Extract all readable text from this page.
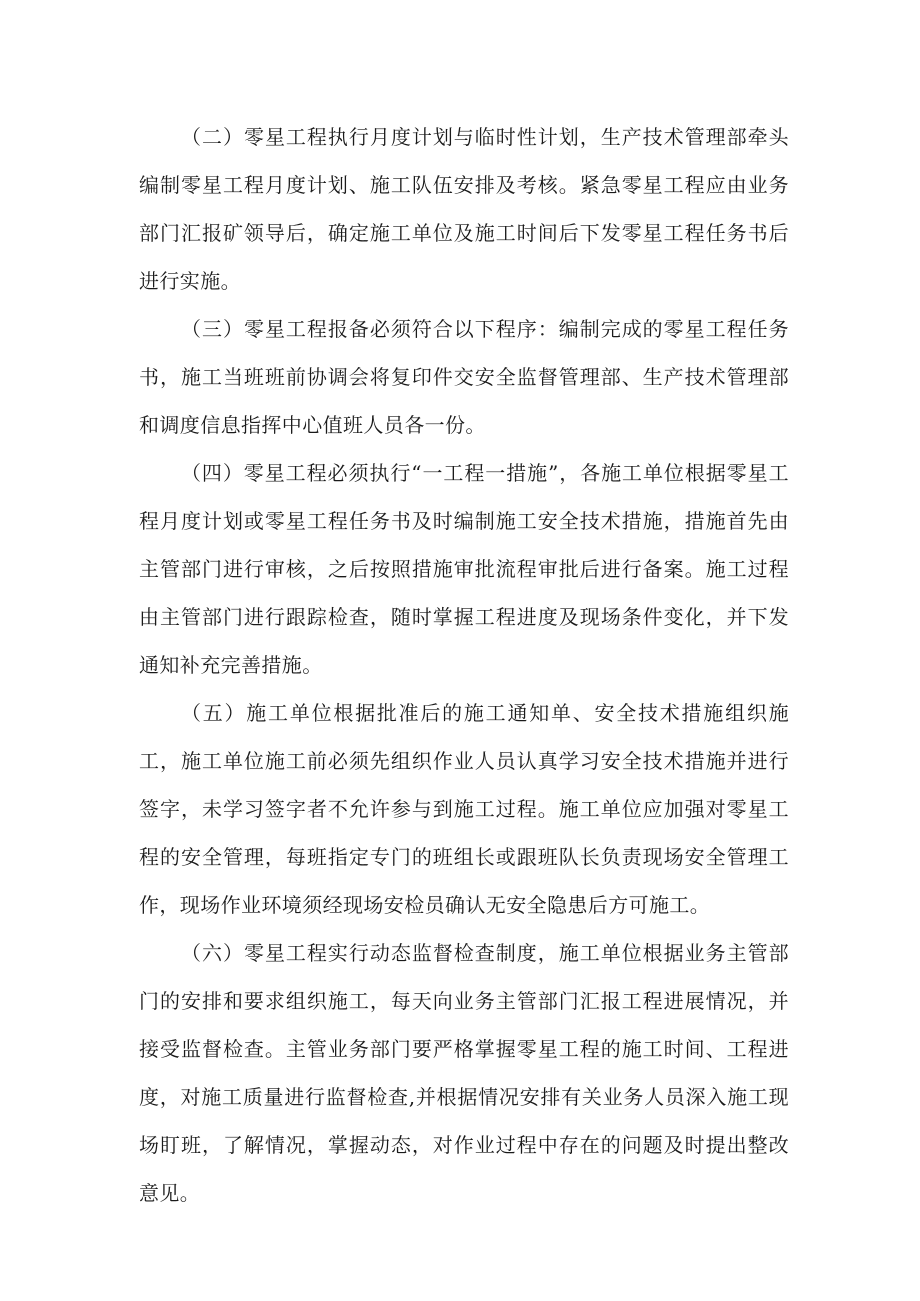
（二）零星工程执行月度计划与临时性计划，生产技术管理部牵头编制零星工程月度计划、施工队伍安排及考核。紧急零星工程应由业务部门汇报矿领导后，确定施工单位及施工时间后下发零星工程任务书后进行实施。

（三）零星工程报备必须符合以下程序：编制完成的零星工程任务书，施工当班班前协调会将复印件交安全监督管理部、生产技术管理部和调度信息指挥中心值班人员各一份。

（四）零星工程必须执行“一工程一措施”，各施工单位根据零星工程月度计划或零星工程任务书及时编制施工安全技术措施，措施首先由主管部门进行审核，之后按照措施审批流程审批后进行备案。施工过程由主管部门进行跟踪检查，随时掌握工程进度及现场条件变化，并下发通知补充完善措施。

（五）施工单位根据批准后的施工通知单、安全技术措施组织施工，施工单位施工前必须先组织作业人员认真学习安全技术措施并进行签字，未学习签字者不允许参与到施工过程。施工单位应加强对零星工程的安全管理，每班指定专门的班组长或跟班队长负责现场安全管理工作，现场作业环境须经现场安检员确认无安全隐患后方可施工。

（六）零星工程实行动态监督检查制度，施工单位根据业务主管部门的安排和要求组织施工，每天向业务主管部门汇报工程进展情况，并接受监督检查。主管业务部门要严格掌握零星工程的施工时间、工程进度，对施工质量进行监督检查,并根据情况安排有关业务人员深入施工现场盯班，了解情况，掌握动态，对作业过程中存在的问题及时提出整改意见。
